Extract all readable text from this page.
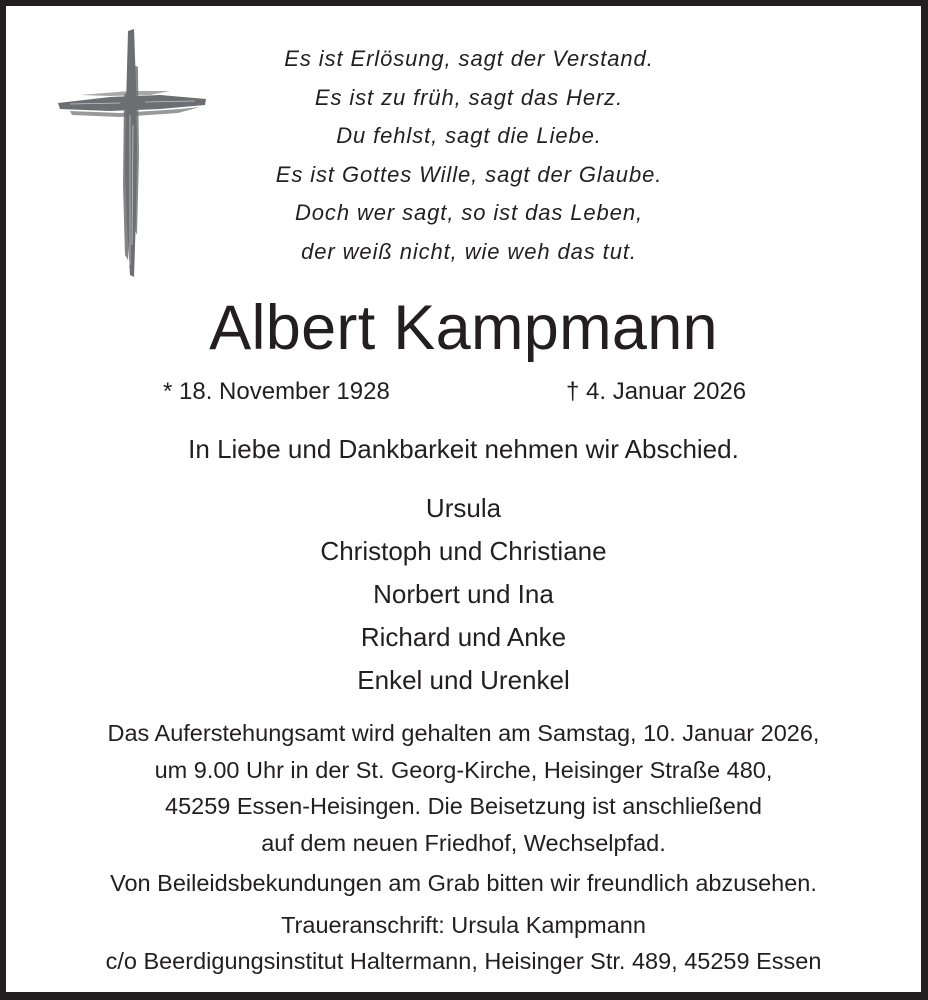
Es ist Erlösung, sagt der Verstand.
Es ist zu früh, sagt das Herz.
Du fehlst, sagt die Liebe.
Es ist Gottes Wille, sagt der Glaube.
Doch wer sagt, so ist das Leben,
der weiß nicht, wie weh das tut.
Albert Kampmann
* 18. November 1928	† 4. Januar 2026
In Liebe und Dankbarkeit nehmen wir Abschied.
Ursula
Christoph und Christiane
Norbert und Ina
Richard und Anke
Enkel und Urenkel
Das Auferstehungsamt wird gehalten am Samstag, 10. Januar 2026,
um 9.00 Uhr in der St. Georg-Kirche, Heisinger Straße 480,
45259 Essen-Heisingen. Die Beisetzung ist anschließend
auf dem neuen Friedhof, Wechselpfad.
Von Beileidsbekundungen am Grab bitten wir freundlich abzusehen.
Traueranschrift: Ursula Kampmann
c/o Beerdigungsinstitut Haltermann, Heisinger Str. 489, 45259 Essen
